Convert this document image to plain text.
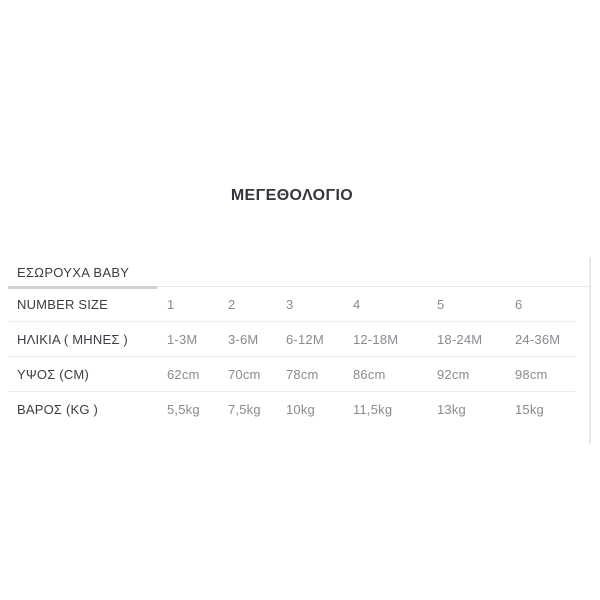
ΜΕΓΕΘΟΛΟΓΙΟ
ΕΣΩΡΟΥΧΑ BABY
NUMBER SIZE	1	2	3	4	5	6
ΗΛΙΚΙΑ ( ΜΗΝΕΣ )	1-3M	3-6M	6-12M	12-18M	18-24M	24-36M
ΥΨΟΣ (CM)	62cm	70cm	78cm	86cm	92cm	98cm
ΒΑΡΟΣ (KG )	5,5kg	7,5kg	10kg	11,5kg	13kg	15kg
